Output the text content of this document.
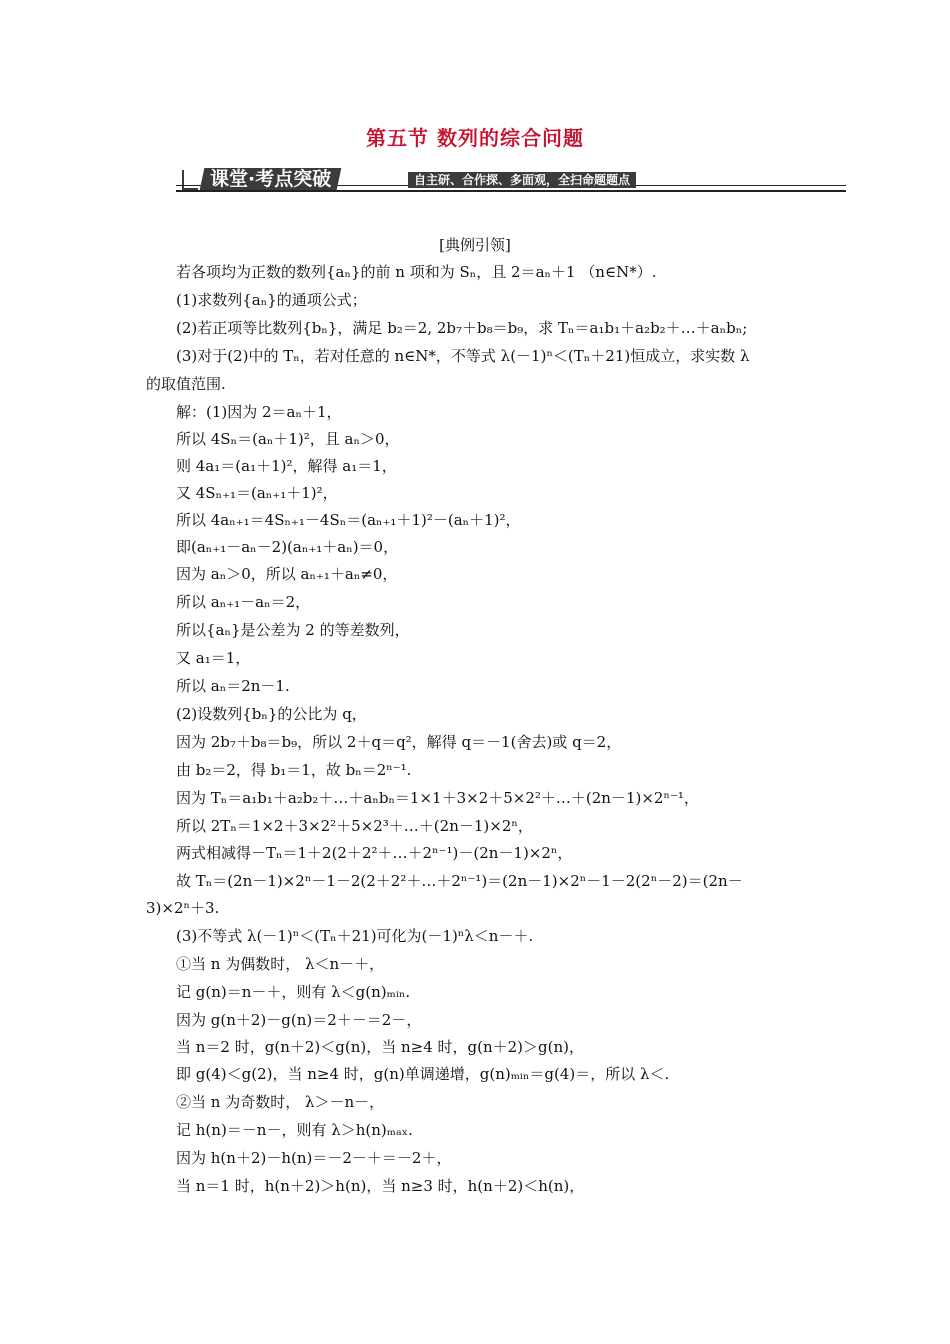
第五节 数列的综合问题
课堂·考点突破	自主研、合作探、多面观，全扫命题题点
[典例引领]
若各项均为正数的数列{aₙ}的前 n 项和为 Sₙ，且 2＝aₙ＋1 （n∈N*）.
(1)求数列{aₙ}的通项公式；
(2)若正项等比数列{bₙ}，满足 b₂＝2, 2b₇＋b₈＝b₉，求 Tₙ＝a₁b₁＋a₂b₂＋…＋aₙbₙ;
(3)对于(2)中的 Tₙ，若对任意的 n∈N*，不等式 λ(－1)ⁿ＜(Tₙ＋21)恒成立，求实数 λ
的取值范围.
解：(1)因为 2＝aₙ＋1，
所以 4Sₙ＝(aₙ＋1)²，且 aₙ＞0，
则 4a₁＝(a₁＋1)²，解得 a₁＝1，
又 4Sₙ₊₁＝(aₙ₊₁＋1)²，
所以 4aₙ₊₁＝4Sₙ₊₁－4Sₙ＝(aₙ₊₁＋1)²－(aₙ＋1)²，
即(aₙ₊₁－aₙ－2)(aₙ₊₁＋aₙ)＝0，
因为 aₙ＞0，所以 aₙ₊₁＋aₙ≠0，
所以 aₙ₊₁－aₙ＝2，
所以{aₙ}是公差为 2 的等差数列，
又 a₁＝1，
所以 aₙ＝2n－1.
(2)设数列{bₙ}的公比为 q，
因为 2b₇＋b₈＝b₉，所以 2＋q＝q²，解得 q＝－1(舍去)或 q＝2，
由 b₂＝2，得 b₁＝1，故 bₙ＝2ⁿ⁻¹.
因为 Tₙ＝a₁b₁＋a₂b₂＋…＋aₙbₙ＝1×1＋3×2＋5×2²＋…＋(2n－1)×2ⁿ⁻¹，
所以 2Tₙ＝1×2＋3×2²＋5×2³＋…＋(2n－1)×2ⁿ，
两式相减得－Tₙ＝1＋2(2＋2²＋…＋2ⁿ⁻¹)－(2n－1)×2ⁿ，
故 Tₙ＝(2n－1)×2ⁿ－1－2(2＋2²＋…＋2ⁿ⁻¹)＝(2n－1)×2ⁿ－1－2(2ⁿ－2)＝(2n－
3)×2ⁿ＋3.
(3)不等式 λ(－1)ⁿ＜(Tₙ＋21)可化为(－1)ⁿλ＜n－＋.
①当 n 为偶数时， λ＜n－＋，
记 g(n)＝n－＋，则有 λ＜g(n)ₘᵢₙ.
因为 g(n＋2)－g(n)＝2＋－＝2－，
当 n＝2 时，g(n＋2)＜g(n)，当 n≥4 时，g(n＋2)＞g(n)，
即 g(4)＜g(2)，当 n≥4 时，g(n)单调递增，g(n)ₘᵢₙ＝g(4)＝，所以 λ＜.
②当 n 为奇数时， λ＞－n－，
记 h(n)＝－n－，则有 λ＞h(n)ₘₐₓ.
因为 h(n＋2)－h(n)＝－2－＋＝－2＋，
当 n＝1 时，h(n＋2)＞h(n)，当 n≥3 时，h(n＋2)＜h(n)，
